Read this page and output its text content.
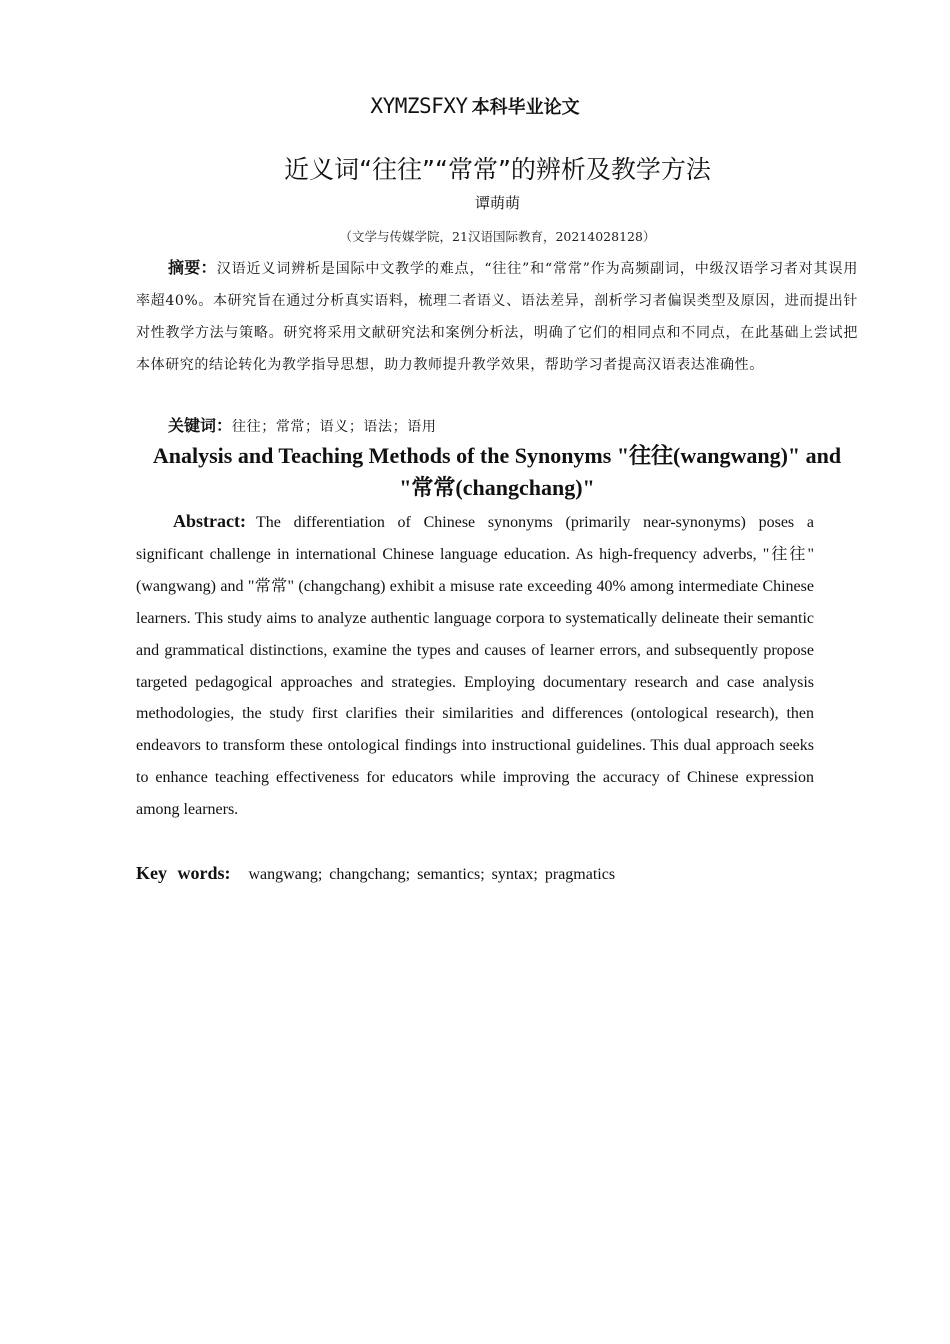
XYMZSFXY 本科毕业论文
近义词“往往”“常常”的辨析及教学方法
谭萌萌
（文学与传媒学院，21汉语国际教育，20214028128）
摘要：汉语近义词辨析是国际中文教学的难点，“往往”和“常常”作为高频副词，中级汉语学习者对其误用率超40%。本研究旨在通过分析真实语料，梳理二者语义、语法差异，剖析学习者偏误类型及原因，进而提出针对性教学方法与策略。研究将采用文献研究法和案例分析法，明确了它们的相同点和不同点，在此基础上尝试把本体研究的结论转化为教学指导思想，助力教师提升教学效果，帮助学习者提高汉语表达准确性。
关键词：往往；常常；语义；语法；语用
Analysis and Teaching Methods of the Synonyms "往往(wangwang)" and "常常(changchang)"
Abstract: The differentiation of Chinese synonyms (primarily near-synonyms) poses a significant challenge in international Chinese language education. As high-frequency adverbs, "往往" (wangwang) and "常常" (changchang) exhibit a misuse rate exceeding 40% among intermediate Chinese learners. This study aims to analyze authentic language corpora to systematically delineate their semantic and grammatical distinctions, examine the types and causes of learner errors, and subsequently propose targeted pedagogical approaches and strategies. Employing documentary research and case analysis methodologies, the study first clarifies their similarities and differences (ontological research), then endeavors to transform these ontological findings into instructional guidelines. This dual approach seeks to enhance teaching effectiveness for educators while improving the accuracy of Chinese expression among learners.
Key words: wangwang; changchang; semantics; syntax; pragmatics
